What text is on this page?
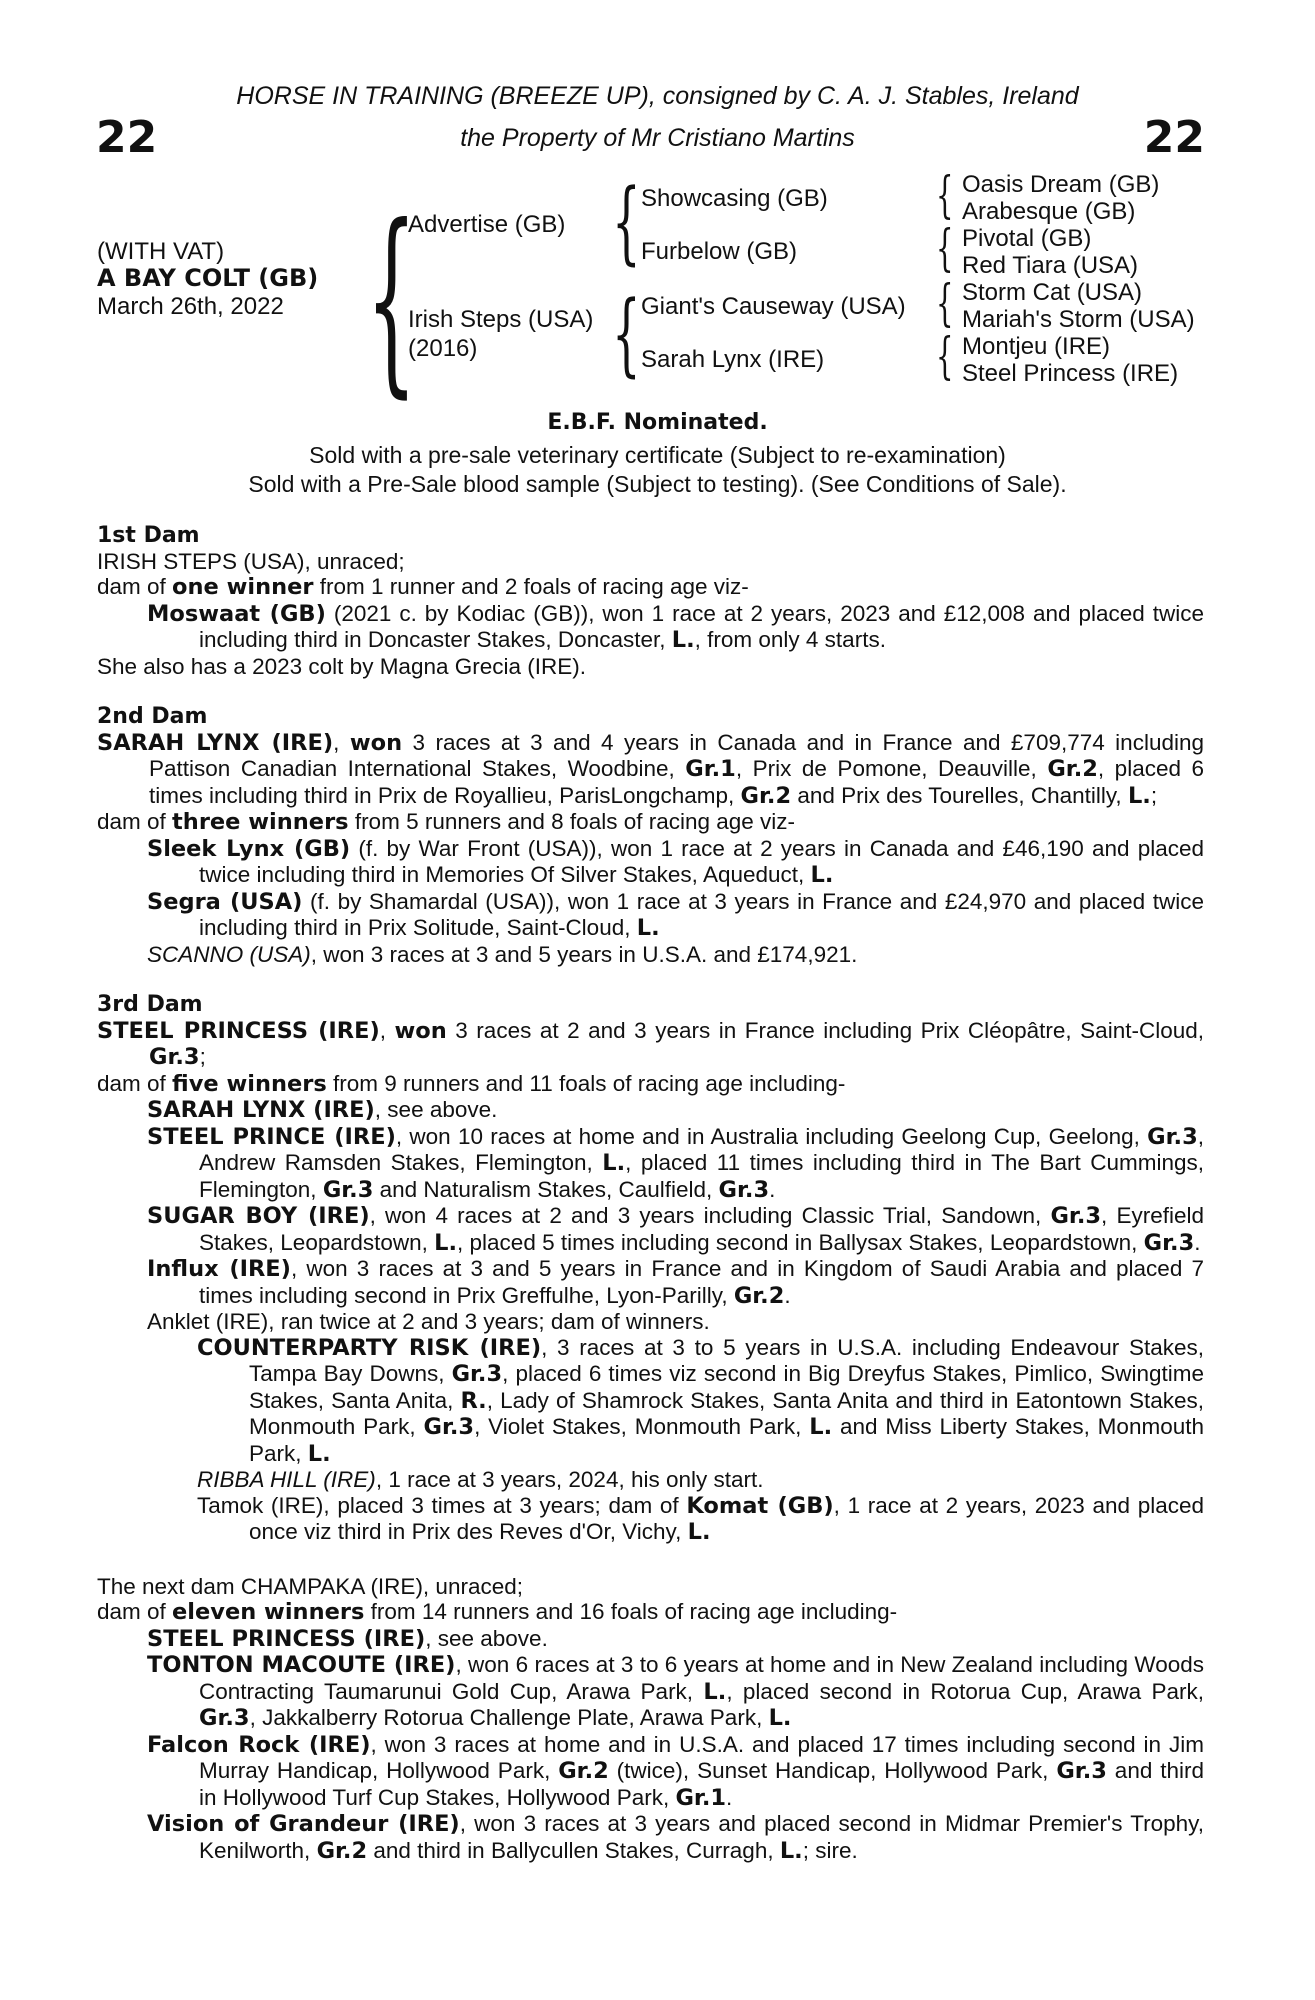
22	22
HORSE IN TRAINING (BREEZE UP), consigned by C. A. J. Stables, Ireland
the Property of Mr Cristiano Martins
(WITH VAT)
A BAY COLT (GB)
March 26th, 2022 {
Advertise (GB)
Irish Steps (USA)
(2016)
{
{
Showcasing (GB)
Furbelow (GB)
Giant's Causeway (USA)
Sarah Lynx (IRE)
{
{
{
{
Oasis Dream (GB)
Arabesque (GB)
Pivotal (GB)
Red Tiara (USA)
Storm Cat (USA)
Mariah's Storm (USA)
Montjeu (IRE)
Steel Princess (IRE)
E.B.F. Nominated.
Sold with a pre-sale veterinary certificate (Subject to re-examination)
Sold with a Pre-Sale blood sample (Subject to testing). (See Conditions of Sale).

1st Dam

IRISH STEPS (USA), unraced;

dam of one winner from 1 runner and 2 foals of racing age viz-

Moswaat (GB) (2021 c. by Kodiac (GB)), won 1 race at 2 years, 2023 and £12,008 and placed twice including third in Doncaster Stakes, Doncaster, L., from only 4 starts.

She also has a 2023 colt by Magna Grecia (IRE).

2nd Dam

SARAH LYNX (IRE), won 3 races at 3 and 4 years in Canada and in France and £709,774 including Pattison Canadian International Stakes, Woodbine, Gr.1, Prix de Pomone, Deauville, Gr.2, placed 6 times including third in Prix de Royallieu, ParisLongchamp, Gr.2 and Prix des Tourelles, Chantilly, L.;

dam of three winners from 5 runners and 8 foals of racing age viz-

Sleek Lynx (GB) (f. by War Front (USA)), won 1 race at 2 years in Canada and £46,190 and placed twice including third in Memories Of Silver Stakes, Aqueduct, L.

Segra (USA) (f. by Shamardal (USA)), won 1 race at 3 years in France and £24,970 and placed twice including third in Prix Solitude, Saint-Cloud, L.

SCANNO (USA), won 3 races at 3 and 5 years in U.S.A. and £174,921.

3rd Dam

STEEL PRINCESS (IRE), won 3 races at 2 and 3 years in France including Prix Cléopâtre, Saint-Cloud, Gr.3;

dam of five winners from 9 runners and 11 foals of racing age including-

SARAH LYNX (IRE), see above.

STEEL PRINCE (IRE), won 10 races at home and in Australia including Geelong Cup, Geelong, Gr.3, Andrew Ramsden Stakes, Flemington, L., placed 11 times including third in The Bart Cummings, Flemington, Gr.3 and Naturalism Stakes, Caulfield, Gr.3.

SUGAR BOY (IRE), won 4 races at 2 and 3 years including Classic Trial, Sandown, Gr.3, Eyrefield Stakes, Leopardstown, L., placed 5 times including second in Ballysax Stakes, Leopardstown, Gr.3.

Influx (IRE), won 3 races at 3 and 5 years in France and in Kingdom of Saudi Arabia and placed 7 times including second in Prix Greffulhe, Lyon-Parilly, Gr.2.

Anklet (IRE), ran twice at 2 and 3 years; dam of winners.

COUNTERPARTY RISK (IRE), 3 races at 3 to 5 years in U.S.A. including Endeavour Stakes, Tampa Bay Downs, Gr.3, placed 6 times viz second in Big Dreyfus Stakes, Pimlico, Swingtime Stakes, Santa Anita, R., Lady of Shamrock Stakes, Santa Anita and third in Eatontown Stakes, Monmouth Park, Gr.3, Violet Stakes, Monmouth Park, L. and Miss Liberty Stakes, Monmouth Park, L.

RIBBA HILL (IRE), 1 race at 3 years, 2024, his only start.

Tamok (IRE), placed 3 times at 3 years; dam of Komat (GB), 1 race at 2 years, 2023 and placed once viz third in Prix des Reves d'Or, Vichy, L.

The next dam CHAMPAKA (IRE), unraced;

dam of eleven winners from 14 runners and 16 foals of racing age including-

STEEL PRINCESS (IRE), see above.

TONTON MACOUTE (IRE), won 6 races at 3 to 6 years at home and in New Zealand including Woods Contracting Taumarunui Gold Cup, Arawa Park, L., placed second in Rotorua Cup, Arawa Park, Gr.3, Jakkalberry Rotorua Challenge Plate, Arawa Park, L.

Falcon Rock (IRE), won 3 races at home and in U.S.A. and placed 17 times including second in Jim Murray Handicap, Hollywood Park, Gr.2 (twice), Sunset Handicap, Hollywood Park, Gr.3 and third in Hollywood Turf Cup Stakes, Hollywood Park, Gr.1.

Vision of Grandeur (IRE), won 3 races at 3 years and placed second in Midmar Premier's Trophy, Kenilworth, Gr.2 and third in Ballycullen Stakes, Curragh, L.; sire.
